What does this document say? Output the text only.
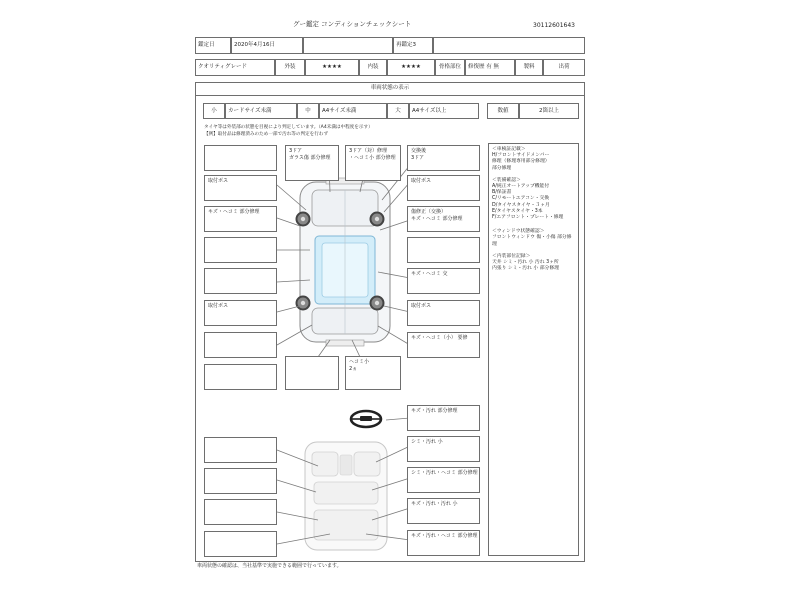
グー鑑定 コンディションチェックシート	30112601643
鑑定日	2020年4月16日	再鑑定3
クオリティグレード	外装	★★★★	内装	★★★★	骨格部位	修復歴 有 無	製料	出荷
車両状態の表示
小	カードサイズ未満	中	A4サイズ未満	大	A4サイズ以上	数値	2箇以上
タイヤ等は外装部の状態を目視により判定しています。（A4未満は中程度を示す）
【例】取付品は修理済みのため一部で汚れ等の判定を行わず
＜車検証記載＞
H/フロントサイドメンバー
修理（修理専用部分修理）
部分修理
＜装備確認＞
A/純正オートアップ機能付
B/保証書
C/リモートエアコン・交換
D/タイヤスタイヤ・３ヶ月
E/タイヤスタイヤ・3本
F/エアフロント・プレート・修理
＜ウィンドウ状態確認＞
フロントウィンドウ 傷・小傷 部分修理
＜内装部位記録＞
天井 シミ・汚れ 小 汚れ 3ヶ所
内張り シミ・汚れ 小 部分修理
取付ボス
キズ・ヘコミ 部分修理
取付ボス
3ドア
ガラス傷 部分修理
3ドア（対）修理
・ヘコミ小 部分修理
交換後
3ドア
取付ボス
傷修正（交換）
キズ・ヘコミ 部分修理
キズ・ヘコミ 交
取付ボス
キズ・ヘコミ（小） 要修
ヘコミ小
2ヵ
キズ・汚れ 部分修理
シミ・汚れ 小
シミ・汚れ・ヘコミ 部分修理
キズ・汚れ・汚れ 小
キズ・汚れ・ヘコミ 部分修理
車両状態の確認は、当社基準で実施できる範囲で行っています。
